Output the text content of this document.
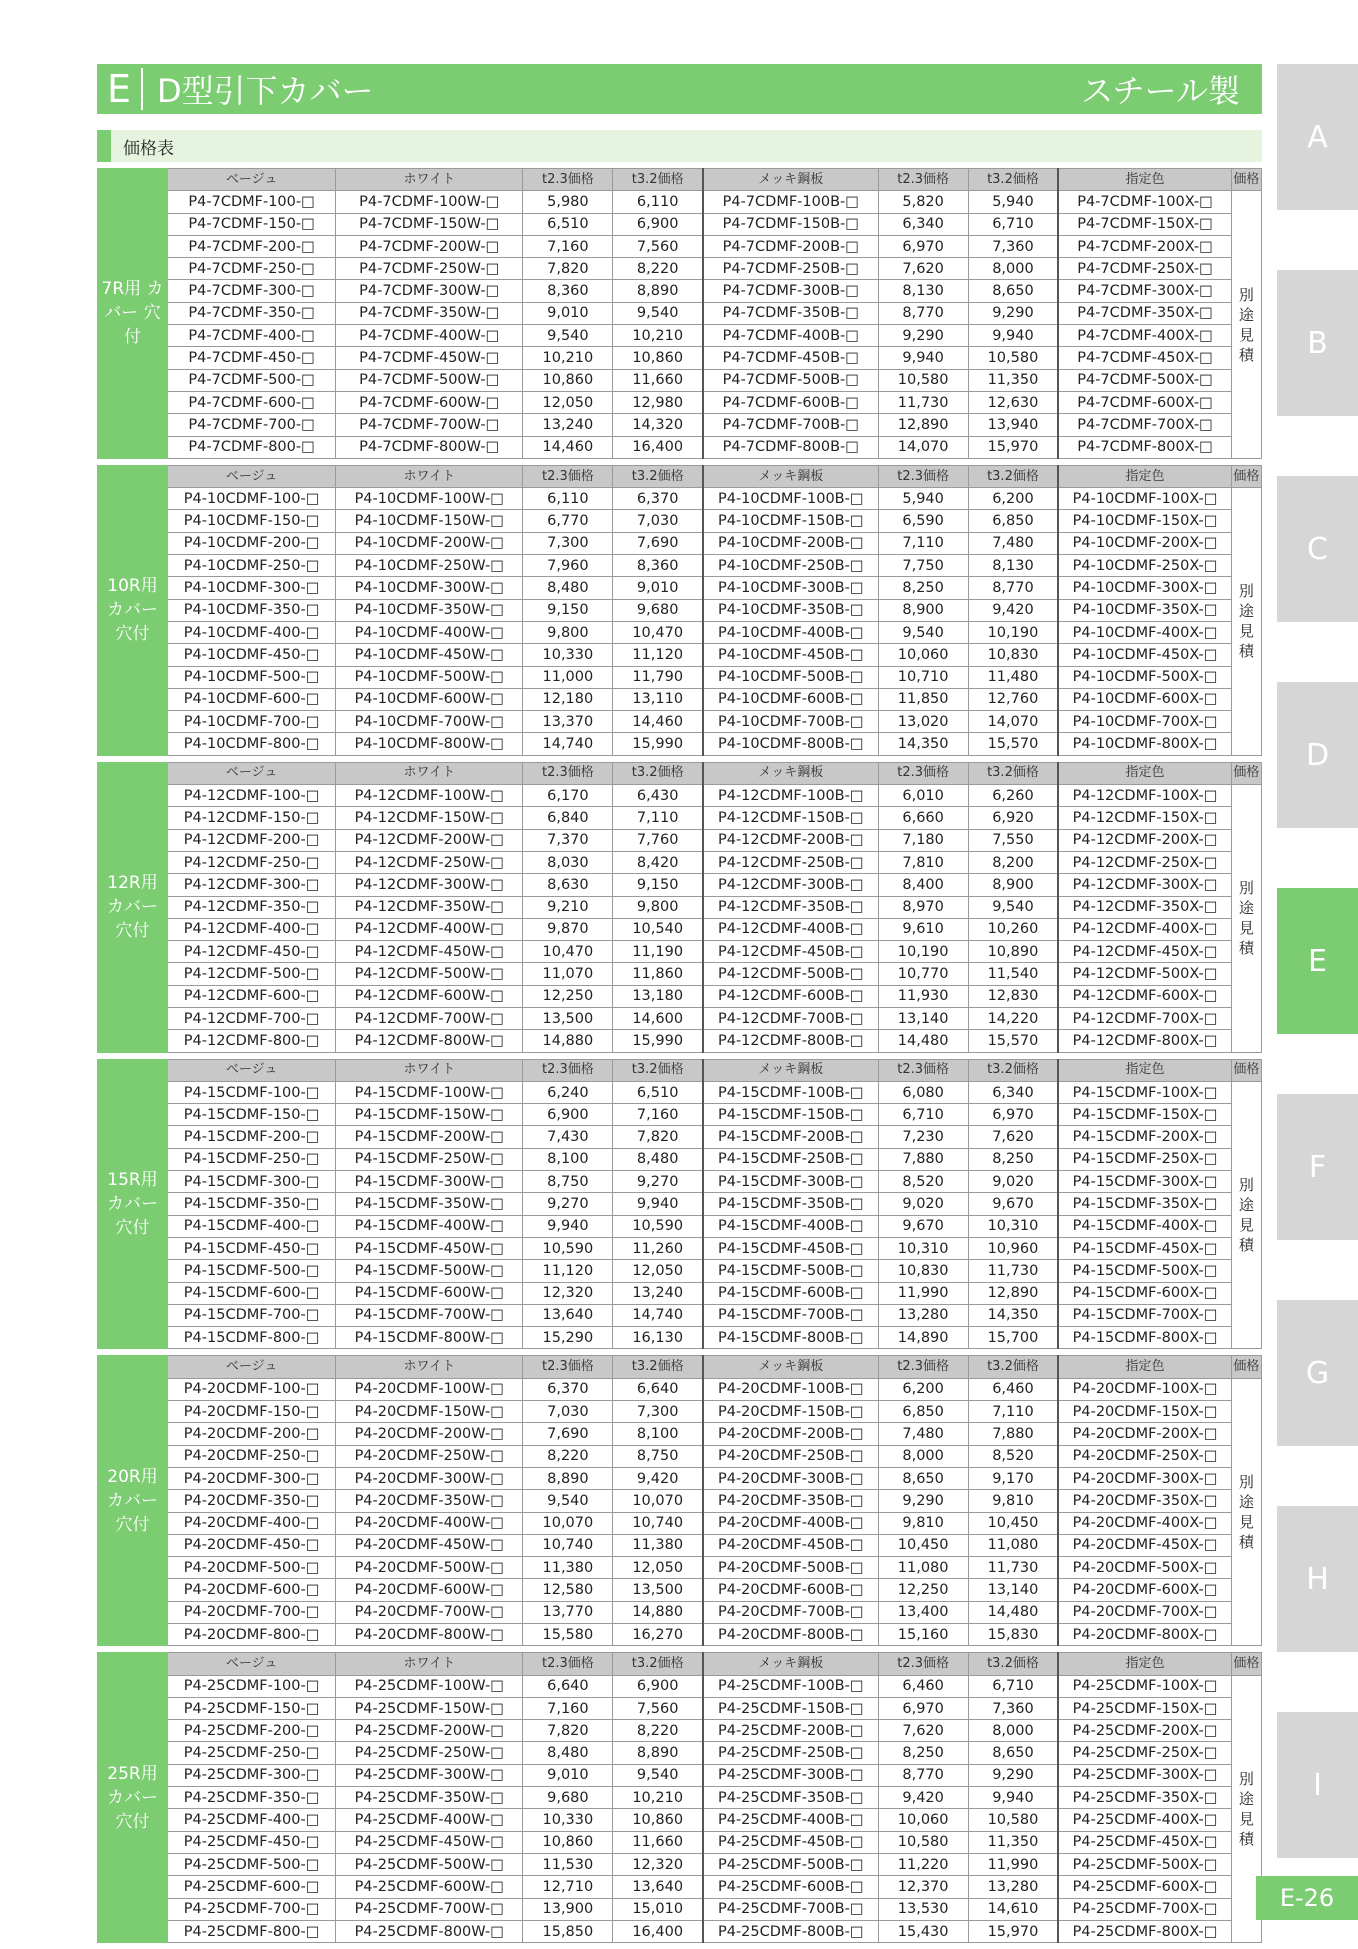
E D型引下カバー	スチール製
価格表
7R用 カバー 穴付	ベージュ	ホワイト	t2.3価格	t3.2価格	メッキ鋼板	t2.3価格	t3.2価格	指定色	価格
	P4-7CDMF-100-□	P4-7CDMF-100W-□	5,980	6,110	P4-7CDMF-100B-□	5,820	5,940	P4-7CDMF-100X-□	別途見積
	P4-7CDMF-150-□	P4-7CDMF-150W-□	6,510	6,900	P4-7CDMF-150B-□	6,340	6,710	P4-7CDMF-150X-□	
	P4-7CDMF-200-□	P4-7CDMF-200W-□	7,160	7,560	P4-7CDMF-200B-□	6,970	7,360	P4-7CDMF-200X-□	
	P4-7CDMF-250-□	P4-7CDMF-250W-□	7,820	8,220	P4-7CDMF-250B-□	7,620	8,000	P4-7CDMF-250X-□	
	P4-7CDMF-300-□	P4-7CDMF-300W-□	8,360	8,890	P4-7CDMF-300B-□	8,130	8,650	P4-7CDMF-300X-□	
	P4-7CDMF-350-□	P4-7CDMF-350W-□	9,010	9,540	P4-7CDMF-350B-□	8,770	9,290	P4-7CDMF-350X-□	
	P4-7CDMF-400-□	P4-7CDMF-400W-□	9,540	10,210	P4-7CDMF-400B-□	9,290	9,940	P4-7CDMF-400X-□	
	P4-7CDMF-450-□	P4-7CDMF-450W-□	10,210	10,860	P4-7CDMF-450B-□	9,940	10,580	P4-7CDMF-450X-□	
	P4-7CDMF-500-□	P4-7CDMF-500W-□	10,860	11,660	P4-7CDMF-500B-□	10,580	11,350	P4-7CDMF-500X-□	
	P4-7CDMF-600-□	P4-7CDMF-600W-□	12,050	12,980	P4-7CDMF-600B-□	11,730	12,630	P4-7CDMF-600X-□	
	P4-7CDMF-700-□	P4-7CDMF-700W-□	13,240	14,320	P4-7CDMF-700B-□	12,890	13,940	P4-7CDMF-700X-□	
	P4-7CDMF-800-□	P4-7CDMF-800W-□	14,460	16,400	P4-7CDMF-800B-□	14,070	15,970	P4-7CDMF-800X-□	
10R用 カバー 穴付	ベージュ	ホワイト	t2.3価格	t3.2価格	メッキ鋼板	t2.3価格	t3.2価格	指定色	価格
	P4-10CDMF-100-□	P4-10CDMF-100W-□	6,110	6,370	P4-10CDMF-100B-□	5,940	6,200	P4-10CDMF-100X-□	別途見積
	P4-10CDMF-150-□	P4-10CDMF-150W-□	6,770	7,030	P4-10CDMF-150B-□	6,590	6,850	P4-10CDMF-150X-□	
	P4-10CDMF-200-□	P4-10CDMF-200W-□	7,300	7,690	P4-10CDMF-200B-□	7,110	7,480	P4-10CDMF-200X-□	
	P4-10CDMF-250-□	P4-10CDMF-250W-□	7,960	8,360	P4-10CDMF-250B-□	7,750	8,130	P4-10CDMF-250X-□	
	P4-10CDMF-300-□	P4-10CDMF-300W-□	8,480	9,010	P4-10CDMF-300B-□	8,250	8,770	P4-10CDMF-300X-□	
	P4-10CDMF-350-□	P4-10CDMF-350W-□	9,150	9,680	P4-10CDMF-350B-□	8,900	9,420	P4-10CDMF-350X-□	
	P4-10CDMF-400-□	P4-10CDMF-400W-□	9,800	10,470	P4-10CDMF-400B-□	9,540	10,190	P4-10CDMF-400X-□	
	P4-10CDMF-450-□	P4-10CDMF-450W-□	10,330	11,120	P4-10CDMF-450B-□	10,060	10,830	P4-10CDMF-450X-□	
	P4-10CDMF-500-□	P4-10CDMF-500W-□	11,000	11,790	P4-10CDMF-500B-□	10,710	11,480	P4-10CDMF-500X-□	
	P4-10CDMF-600-□	P4-10CDMF-600W-□	12,180	13,110	P4-10CDMF-600B-□	11,850	12,760	P4-10CDMF-600X-□	
	P4-10CDMF-700-□	P4-10CDMF-700W-□	13,370	14,460	P4-10CDMF-700B-□	13,020	14,070	P4-10CDMF-700X-□	
	P4-10CDMF-800-□	P4-10CDMF-800W-□	14,740	15,990	P4-10CDMF-800B-□	14,350	15,570	P4-10CDMF-800X-□	
12R用 カバー 穴付	ベージュ	ホワイト	t2.3価格	t3.2価格	メッキ鋼板	t2.3価格	t3.2価格	指定色	価格
	P4-12CDMF-100-□	P4-12CDMF-100W-□	6,170	6,430	P4-12CDMF-100B-□	6,010	6,260	P4-12CDMF-100X-□	別途見積
	P4-12CDMF-150-□	P4-12CDMF-150W-□	6,840	7,110	P4-12CDMF-150B-□	6,660	6,920	P4-12CDMF-150X-□	
	P4-12CDMF-200-□	P4-12CDMF-200W-□	7,370	7,760	P4-12CDMF-200B-□	7,180	7,550	P4-12CDMF-200X-□	
	P4-12CDMF-250-□	P4-12CDMF-250W-□	8,030	8,420	P4-12CDMF-250B-□	7,810	8,200	P4-12CDMF-250X-□	
	P4-12CDMF-300-□	P4-12CDMF-300W-□	8,630	9,150	P4-12CDMF-300B-□	8,400	8,900	P4-12CDMF-300X-□	
	P4-12CDMF-350-□	P4-12CDMF-350W-□	9,210	9,800	P4-12CDMF-350B-□	8,970	9,540	P4-12CDMF-350X-□	
	P4-12CDMF-400-□	P4-12CDMF-400W-□	9,870	10,540	P4-12CDMF-400B-□	9,610	10,260	P4-12CDMF-400X-□	
	P4-12CDMF-450-□	P4-12CDMF-450W-□	10,470	11,190	P4-12CDMF-450B-□	10,190	10,890	P4-12CDMF-450X-□	
	P4-12CDMF-500-□	P4-12CDMF-500W-□	11,070	11,860	P4-12CDMF-500B-□	10,770	11,540	P4-12CDMF-500X-□	
	P4-12CDMF-600-□	P4-12CDMF-600W-□	12,250	13,180	P4-12CDMF-600B-□	11,930	12,830	P4-12CDMF-600X-□	
	P4-12CDMF-700-□	P4-12CDMF-700W-□	13,500	14,600	P4-12CDMF-700B-□	13,140	14,220	P4-12CDMF-700X-□	
	P4-12CDMF-800-□	P4-12CDMF-800W-□	14,880	15,990	P4-12CDMF-800B-□	14,480	15,570	P4-12CDMF-800X-□	
15R用 カバー 穴付	ベージュ	ホワイト	t2.3価格	t3.2価格	メッキ鋼板	t2.3価格	t3.2価格	指定色	価格
	P4-15CDMF-100-□	P4-15CDMF-100W-□	6,240	6,510	P4-15CDMF-100B-□	6,080	6,340	P4-15CDMF-100X-□	別途見積
	P4-15CDMF-150-□	P4-15CDMF-150W-□	6,900	7,160	P4-15CDMF-150B-□	6,710	6,970	P4-15CDMF-150X-□	
	P4-15CDMF-200-□	P4-15CDMF-200W-□	7,430	7,820	P4-15CDMF-200B-□	7,230	7,620	P4-15CDMF-200X-□	
	P4-15CDMF-250-□	P4-15CDMF-250W-□	8,100	8,480	P4-15CDMF-250B-□	7,880	8,250	P4-15CDMF-250X-□	
	P4-15CDMF-300-□	P4-15CDMF-300W-□	8,750	9,270	P4-15CDMF-300B-□	8,520	9,020	P4-15CDMF-300X-□	
	P4-15CDMF-350-□	P4-15CDMF-350W-□	9,270	9,940	P4-15CDMF-350B-□	9,020	9,670	P4-15CDMF-350X-□	
	P4-15CDMF-400-□	P4-15CDMF-400W-□	9,940	10,590	P4-15CDMF-400B-□	9,670	10,310	P4-15CDMF-400X-□	
	P4-15CDMF-450-□	P4-15CDMF-450W-□	10,590	11,260	P4-15CDMF-450B-□	10,310	10,960	P4-15CDMF-450X-□	
	P4-15CDMF-500-□	P4-15CDMF-500W-□	11,120	12,050	P4-15CDMF-500B-□	10,830	11,730	P4-15CDMF-500X-□	
	P4-15CDMF-600-□	P4-15CDMF-600W-□	12,320	13,240	P4-15CDMF-600B-□	11,990	12,890	P4-15CDMF-600X-□	
	P4-15CDMF-700-□	P4-15CDMF-700W-□	13,640	14,740	P4-15CDMF-700B-□	13,280	14,350	P4-15CDMF-700X-□	
	P4-15CDMF-800-□	P4-15CDMF-800W-□	15,290	16,130	P4-15CDMF-800B-□	14,890	15,700	P4-15CDMF-800X-□	
20R用 カバー 穴付	ベージュ	ホワイト	t2.3価格	t3.2価格	メッキ鋼板	t2.3価格	t3.2価格	指定色	価格
	P4-20CDMF-100-□	P4-20CDMF-100W-□	6,370	6,640	P4-20CDMF-100B-□	6,200	6,460	P4-20CDMF-100X-□	別途見積
	P4-20CDMF-150-□	P4-20CDMF-150W-□	7,030	7,300	P4-20CDMF-150B-□	6,850	7,110	P4-20CDMF-150X-□	
	P4-20CDMF-200-□	P4-20CDMF-200W-□	7,690	8,100	P4-20CDMF-200B-□	7,480	7,880	P4-20CDMF-200X-□	
	P4-20CDMF-250-□	P4-20CDMF-250W-□	8,220	8,750	P4-20CDMF-250B-□	8,000	8,520	P4-20CDMF-250X-□	
	P4-20CDMF-300-□	P4-20CDMF-300W-□	8,890	9,420	P4-20CDMF-300B-□	8,650	9,170	P4-20CDMF-300X-□	
	P4-20CDMF-350-□	P4-20CDMF-350W-□	9,540	10,070	P4-20CDMF-350B-□	9,290	9,810	P4-20CDMF-350X-□	
	P4-20CDMF-400-□	P4-20CDMF-400W-□	10,070	10,740	P4-20CDMF-400B-□	9,810	10,450	P4-20CDMF-400X-□	
	P4-20CDMF-450-□	P4-20CDMF-450W-□	10,740	11,380	P4-20CDMF-450B-□	10,450	11,080	P4-20CDMF-450X-□	
	P4-20CDMF-500-□	P4-20CDMF-500W-□	11,380	12,050	P4-20CDMF-500B-□	11,080	11,730	P4-20CDMF-500X-□	
	P4-20CDMF-600-□	P4-20CDMF-600W-□	12,580	13,500	P4-20CDMF-600B-□	12,250	13,140	P4-20CDMF-600X-□	
	P4-20CDMF-700-□	P4-20CDMF-700W-□	13,770	14,880	P4-20CDMF-700B-□	13,400	14,480	P4-20CDMF-700X-□	
	P4-20CDMF-800-□	P4-20CDMF-800W-□	15,580	16,270	P4-20CDMF-800B-□	15,160	15,830	P4-20CDMF-800X-□	
25R用 カバー 穴付	ベージュ	ホワイト	t2.3価格	t3.2価格	メッキ鋼板	t2.3価格	t3.2価格	指定色	価格
	P4-25CDMF-100-□	P4-25CDMF-100W-□	6,640	6,900	P4-25CDMF-100B-□	6,460	6,710	P4-25CDMF-100X-□	別途見積
	P4-25CDMF-150-□	P4-25CDMF-150W-□	7,160	7,560	P4-25CDMF-150B-□	6,970	7,360	P4-25CDMF-150X-□	
	P4-25CDMF-200-□	P4-25CDMF-200W-□	7,820	8,220	P4-25CDMF-200B-□	7,620	8,000	P4-25CDMF-200X-□	
	P4-25CDMF-250-□	P4-25CDMF-250W-□	8,480	8,890	P4-25CDMF-250B-□	8,250	8,650	P4-25CDMF-250X-□	
	P4-25CDMF-300-□	P4-25CDMF-300W-□	9,010	9,540	P4-25CDMF-300B-□	8,770	9,290	P4-25CDMF-300X-□	
	P4-25CDMF-350-□	P4-25CDMF-350W-□	9,680	10,210	P4-25CDMF-350B-□	9,420	9,940	P4-25CDMF-350X-□	
	P4-25CDMF-400-□	P4-25CDMF-400W-□	10,330	10,860	P4-25CDMF-400B-□	10,060	10,580	P4-25CDMF-400X-□	
	P4-25CDMF-450-□	P4-25CDMF-450W-□	10,860	11,660	P4-25CDMF-450B-□	10,580	11,350	P4-25CDMF-450X-□	
	P4-25CDMF-500-□	P4-25CDMF-500W-□	11,530	12,320	P4-25CDMF-500B-□	11,220	11,990	P4-25CDMF-500X-□	
	P4-25CDMF-600-□	P4-25CDMF-600W-□	12,710	13,640	P4-25CDMF-600B-□	12,370	13,280	P4-25CDMF-600X-□	
	P4-25CDMF-700-□	P4-25CDMF-700W-□	13,900	15,010	P4-25CDMF-700B-□	13,530	14,610	P4-25CDMF-700X-□	
	P4-25CDMF-800-□	P4-25CDMF-800W-□	15,850	16,400	P4-25CDMF-800B-□	15,430	15,970	P4-25CDMF-800X-□	
A
B
C
D
E
F
G
H
I
E-26
